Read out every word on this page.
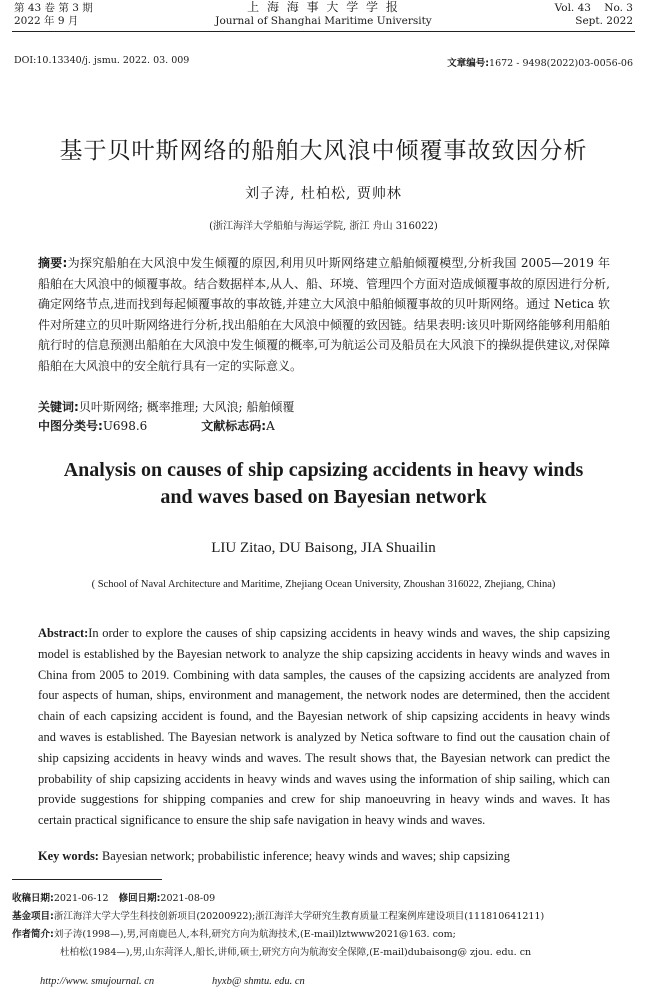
第 43 卷 第 3 期
2022 年 9 月
上 海 海 事 大 学 学 报
Journal of Shanghai Maritime University
Vol. 43    No. 3
Sept. 2022
DOI:10.13340/j. jsmu. 2022. 03. 009	文章编号:1672 - 9498(2022)03-0056-06
基于贝叶斯网络的船舶大风浪中倾覆事故致因分析
刘子涛, 杜柏松, 贾帅林
(浙江海洋大学船舶与海运学院, 浙江 舟山 316022)
摘要:为探究船舶在大风浪中发生倾覆的原因,利用贝叶斯网络建立船舶倾覆模型,分析我国 2005—2019 年船舶在大风浪中的倾覆事故。结合数据样本,从人、船、环境、管理四个方面对造成倾覆事故的原因进行分析,确定网络节点,进而找到每起倾覆事故的事故链,并建立大风浪中船舶倾覆事故的贝叶斯网络。通过 Netica 软件对所建立的贝叶斯网络进行分析,找出船舶在大风浪中倾覆的致因链。结果表明:该贝叶斯网络能够利用船舶航行时的信息预测出船舶在大风浪中发生倾覆的概率,可为航运公司及船员在大风浪下的操纵提供建议,对保障船舶在大风浪中的安全航行具有一定的实际意义。
关键词:贝叶斯网络; 概率推理; 大风浪; 船舶倾覆
中图分类号:U698.6	文献标志码:A
Analysis on causes of ship capsizing accidents in heavy winds
and waves based on Bayesian network
LIU Zitao, DU Baisong, JIA Shuailin
( School of Naval Architecture and Maritime, Zhejiang Ocean University, Zhoushan 316022, Zhejiang, China)
Abstract:In order to explore the causes of ship capsizing accidents in heavy winds and waves, the ship capsizing model is established by the Bayesian network to analyze the ship capsizing accidents in heavy winds and waves in China from 2005 to 2019. Combining with data samples, the causes of the capsizing accidents are analyzed from four aspects of human, ships, environment and management, the network nodes are determined, then the accident chain of each capsizing accident is found, and the Bayesian network of ship capsizing accidents in heavy winds and waves is established. The Bayesian network is analyzed by Netica software to find out the causation chain of ship capsizing accidents in heavy winds and waves. The result shows that, the Bayesian network can predict the probability of ship capsizing accidents in heavy winds and waves using the information of ship sailing, which can provide suggestions for shipping companies and crew for ship manoeuvring in heavy winds and waves. It has certain practical significance to ensure the ship safe navigation in heavy winds and waves.
Key words: Bayesian network; probabilistic inference; heavy winds and waves; ship capsizing
收稿日期:2021-06-12 修回日期:2021-08-09
基金项目:浙江海洋大学大学生科技创新项目(20200922);浙江海洋大学研究生教育质量工程案例库建设项目(111810641211)
作者简介:刘子涛(1998—),男,河南鹿邑人,本科,研究方向为航海技术,(E-mail)lztwww2021@163. com;
杜柏松(1984—),男,山东菏泽人,船长,讲师,硕士,研究方向为航海安全保障,(E-mail)dubaisong@ zjou. edu. cn
http://www. smujournal. cn	hyxb@ shmtu. edu. cn
